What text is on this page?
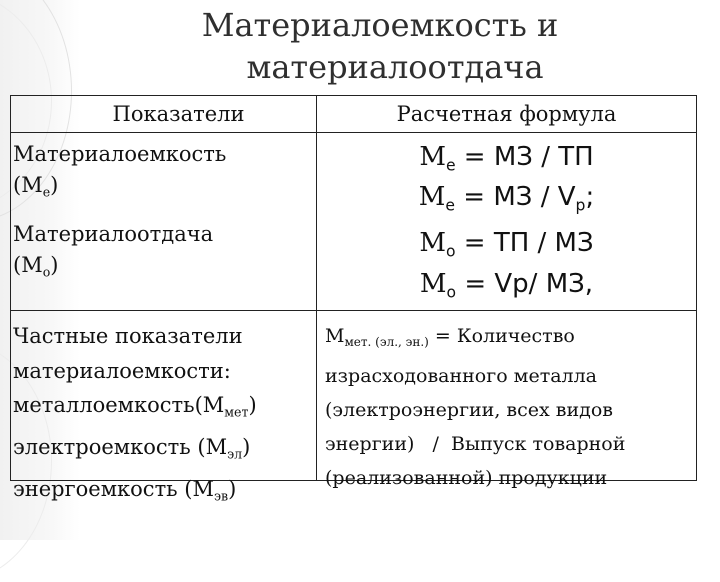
Материалоемкость и
материалоотдача
Показатели	Расчетная формула
Материалоемкость
$(М_е)$
Материалоотдача
$(М_о)$
$М_е$ = МЗ / ТП
$М_е$ = МЗ / $V_р$;
$М_о$ = ТП / МЗ
$М_о = Vр/$ МЗ,
Частные показатели
материалоемкости:
$металлоемкость(М_{мет})$
электроемкость $(М_{эл})$
энергоемкость $(М_{эв})$
$М_{мет. (эл., эн.)}$ = Количество
израсходованного металла
(электроэнергии, всех видов
энергии)   /  Выпуск товарной
(реализованной) продукции
